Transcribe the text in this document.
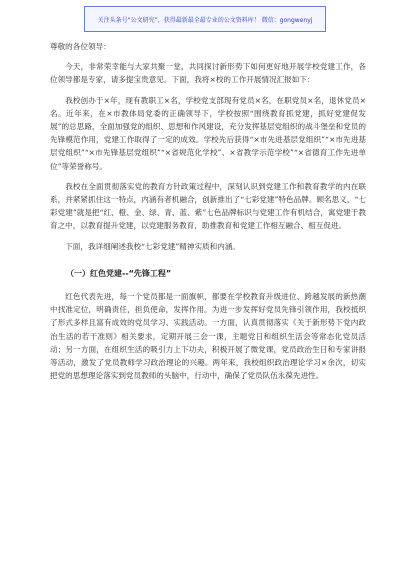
关注头条号“公文研究”，获得最新最全最专业的公文资料库！ 微信：gongwenyj

尊敬的各位领导：

今天，非常荣幸能与大家共聚一堂，共同探讨新形势下如何更好地开展学校党建工作，各位领导都是专家，请多提宝贵意见。下面，我将×校的工作开展情况汇报如下：

我校创办于×年，现有教职工×名，学校党支部现有党员×名，在职党员×名，退休党员×名。近年来，在×市教体局党委的正确领导下，学校按照“围绕教育抓党建，抓好党建促发展”的总思路，全面加强党的组织、思想和作风建设，充分发挥基层党组织的战斗堡垒和党员的先锋模范作用，党建工作取得了一定的成效。学校先后获得“×市先进基层党组织”“×市先进基层党组织”“×市先锋基层党组织”“×省规范化学校”、×省教学示范学校”“×省德育工作先进单位”等荣誉称号。

我校在全面贯彻落实党的教育方针政策过程中，深刻认识到党建工作和教育教学的内在联系，并紧紧抓住这一特点，内涵有者机融合，创新推出了“七彩党建”特色品牌。顾名思义，“七彩党建”就是把“红、橙、金、绿、青、蓝、紫”七色品牌标识与党建工作有机结合，寓党建于教育之中，以教育提升党建，以党建服务教育，助推教育和党建工作相互融合、相互促进。

下面，我详细阐述我校“七彩党建”精神实质和内涵。

（一）红色党建--“先锋工程”

红色代表先进，每一个党员都是一面旗帜，都要在学校教育升级进位、跨越发展的新热潮中找准定位，明确责任，担负使命，发挥作用。为进一步发挥好党员先锋引领作用，我校抵织了形式多样且富有成效的党员学习、实践活动。一方面，认真贯彻落实《关于新形势下党内政治生活的若干准则》相关要求，定期开展三会一课，主题党日和组织生活会等常态化党员活动；另一方面，在组织生活的吸引力上下功夫，积极开展了微党课，党员政治生日和专家讲报等活动，激发了党员教师学习政治理论的兴趣。两年来，我校组织政治理论学习×余次，切实把党的思想理论落实到党员教师的头脑中，行动中，确保了党员队伍永葆先进性。
